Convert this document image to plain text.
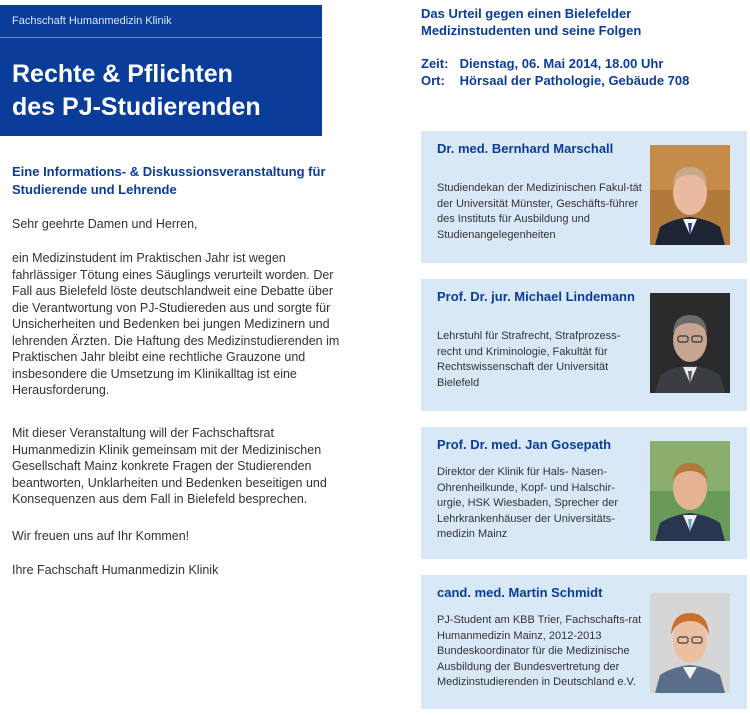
Fachschaft Humanmedizin Klinik
Rechte & Pflichten
des PJ-Studierenden
Eine Informations- & Diskussionsveranstaltung für Studierende und Lehrende
Sehr geehrte Damen und Herren,
ein Medizinstudent im Praktischen Jahr ist wegen fahrlässiger Tötung eines Säuglings verurteilt worden. Der Fall aus Bielefeld löste deutschlandweit eine Debatte über die Verantwortung von PJ-Studiereden aus und sorgte für Unsicherheiten und Bedenken bei jungen Medizinern und lehrenden Ärzten. Die Haftung des Medizinstudierenden im Praktischen Jahr bleibt eine rechtliche Grauzone und insbesondere die Umsetzung im Klinikalltag ist eine Herausforderung.
Mit dieser Veranstaltung will der Fachschaftsrat Humanmedizin Klinik gemeinsam mit der Medizinischen Gesellschaft Mainz konkrete Fragen der Studierenden beantworten, Unklarheiten und Bedenken beseitigen und Konsequenzen aus dem Fall in Bielefeld besprechen.
Wir freuen uns auf Ihr Kommen!
Ihre Fachschaft Humanmedizin Klinik
Das Urteil gegen einen Bielefelder Medizinstudenten und seine Folgen
Zeit: Dienstag, 06. Mai 2014, 18.00 Uhr
Ort: Hörsaal der Pathologie, Gebäude 708
Dr. med. Bernhard Marschall
Studiendekan der Medizinischen Fakul-tät der Universität Münster, Geschäfts-führer des Instituts für Ausbildung und Studienangelegenheiten
Prof. Dr. jur. Michael Lindemann
Lehrstuhl für Strafrecht, Strafprozess-recht und Kriminologie, Fakultät für Rechtswissenschaft der Universität Bielefeld
Prof. Dr. med. Jan Gosepath
Direktor der Klinik für Hals- Nasen-Ohrenheilkunde, Kopf- und Halschir-urgie, HSK Wiesbaden, Sprecher der Lehrkrankenhäuser der Universitäts-medizin Mainz
cand. med. Martin Schmidt
PJ-Student am KBB Trier, Fachschafts-rat Humanmedizin Mainz, 2012-2013 Bundeskoordinator für die Medizinische Ausbildung der Bundesvertretung der Medizinstudierenden in Deutschland e.V.
